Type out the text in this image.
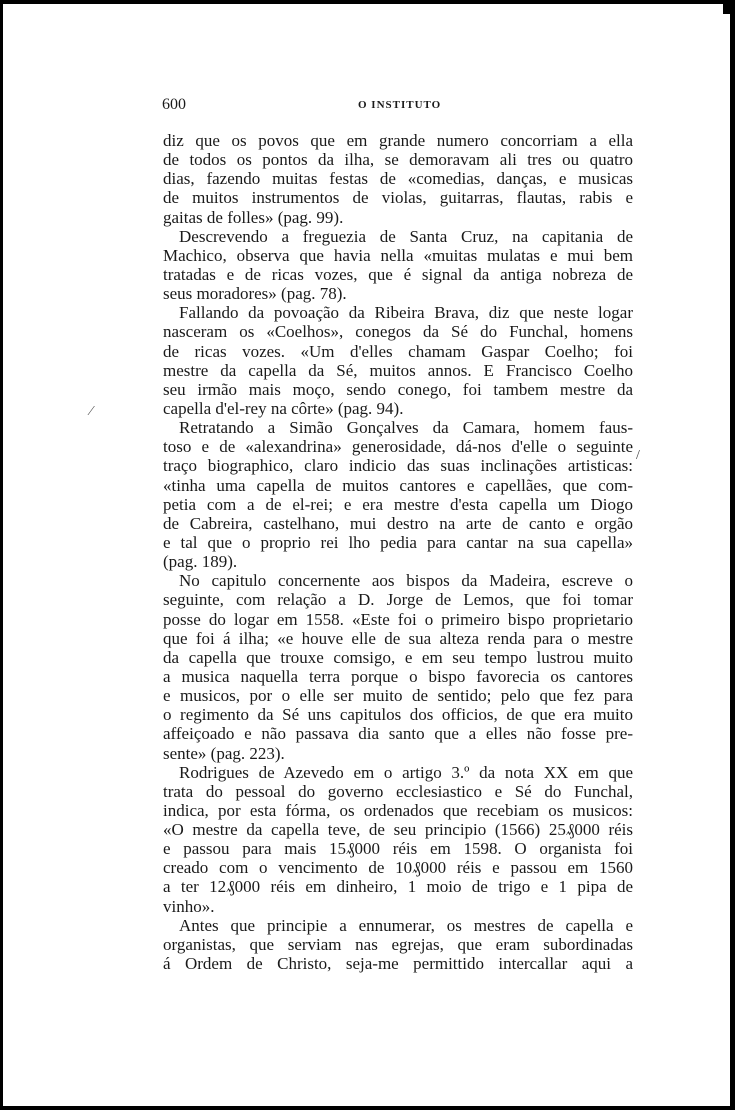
600	O INSTITUTO
diz que os povos que em grande numero concorriam a ella
de todos os pontos da ilha, se demoravam ali tres ou quatro
dias, fazendo muitas festas de «comedias, danças, e musicas
de muitos instrumentos de violas, guitarras, flautas, rabis e
gaitas de folles» (pag. 99).
Descrevendo a freguezia de Santa Cruz, na capitania de
Machico, observa que havia nella «muitas mulatas e mui bem
tratadas e de ricas vozes, que é signal da antiga nobreza de
seus moradores» (pag. 78).
Fallando da povoação da Ribeira Brava, diz que neste logar
nasceram os «Coelhos», conegos da Sé do Funchal, homens
de ricas vozes. «Um d'elles chamam Gaspar Coelho; foi
mestre da capella da Sé, muitos annos. E Francisco Coelho
seu irmão mais moço, sendo conego, foi tambem mestre da
capella d'el-rey na côrte» (pag. 94).
Retratando a Simão Gonçalves da Camara, homem faus-
toso e de «alexandrina» generosidade, dá-nos d'elle o seguinte
traço biographico, claro indicio das suas inclinações artisticas:
«tinha uma capella de muitos cantores e capellães, que com-
petia com a de el-rei; e era mestre d'esta capella um Diogo
de Cabreira, castelhano, mui destro na arte de canto e orgão
e tal que o proprio rei lho pedia para cantar na sua capella»
(pag. 189).
No capitulo concernente aos bispos da Madeira, escreve o
seguinte, com relação a D. Jorge de Lemos, que foi tomar
posse do logar em 1558. «Este foi o primeiro bispo proprietario
que foi á ilha; «e houve elle de sua alteza renda para o mestre
da capella que trouxe comsigo, e em seu tempo lustrou muito
a musica naquella terra porque o bispo favorecia os cantores
e musicos, por o elle ser muito de sentido; pelo que fez para
o regimento da Sé uns capitulos dos officios, de que era muito
affeiçoado e não passava dia santo que a elles não fosse pre-
sente» (pag. 223).
Rodrigues de Azevedo em o artigo 3.º da nota XX em que
trata do pessoal do governo ecclesiastico e Sé do Funchal,
indica, por esta fórma, os ordenados que recebiam os musicos:
«O mestre da capella teve, de seu principio (1566) 25₰000 réis
e passou para mais 15₰000 réis em 1598. O organista foi
creado com o vencimento de 10₰000 réis e passou em 1560
a ter 12₰000 réis em dinheiro, 1 moio de trigo e 1 pipa de
vinho».
Antes que principie a ennumerar, os mestres de capella e
organistas, que serviam nas egrejas, que eram subordinadas
á Ordem de Christo, seja-me permittido intercallar aqui a
⁄
/
